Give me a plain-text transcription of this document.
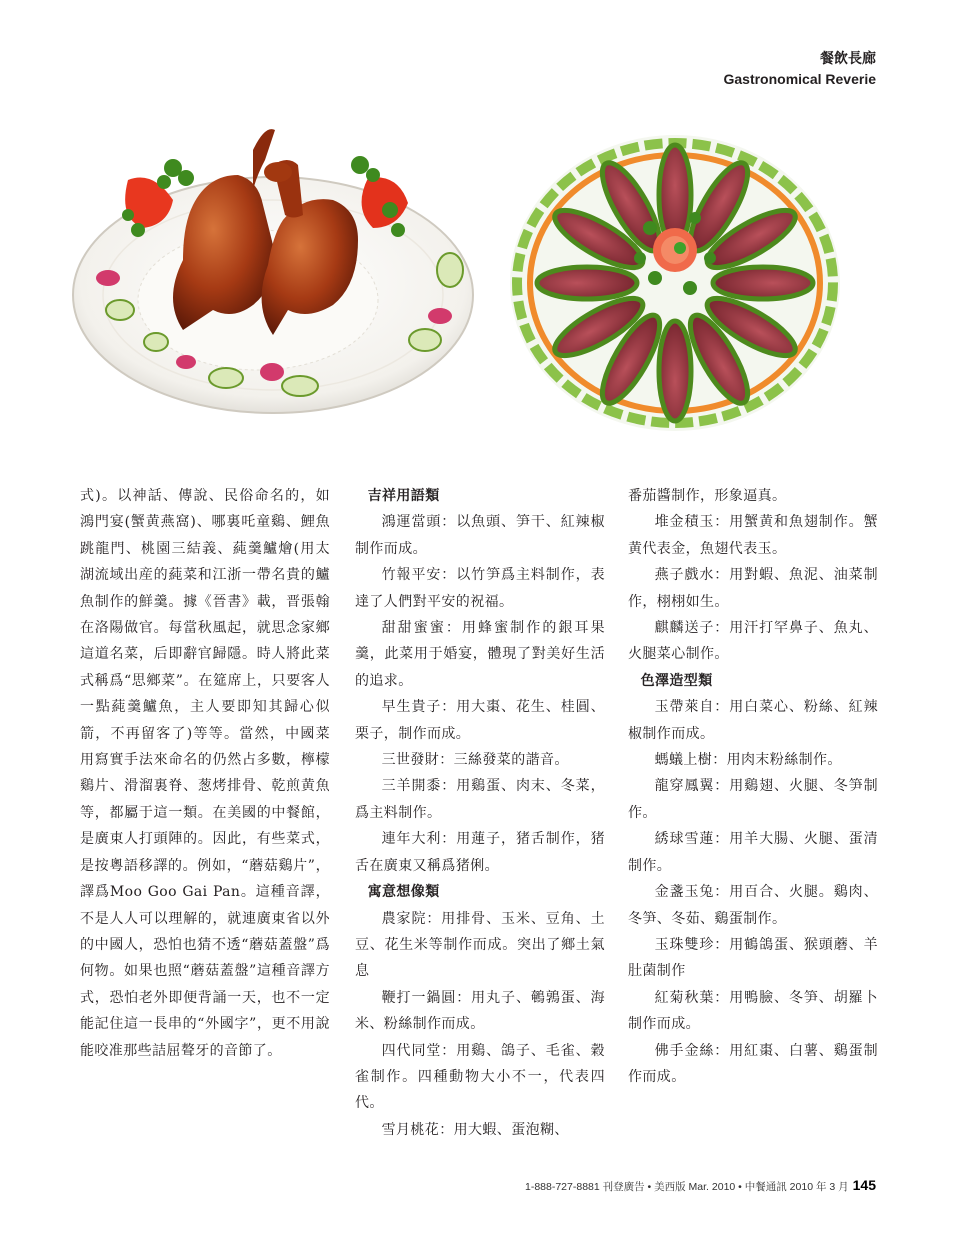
餐飲長廊
Gastronomical Reverie

式)。以神話、傳說、民俗命名的，如鴻門宴(蟹黄燕窩)、哪裏吒童鷄、鯉魚跳龍門、桃園三結義、蒓羹鱸燴(用太湖流域出産的蒓菜和江浙一帶名貴的鱸魚制作的鮮羹。據《晉書》載，晋張翰在洛陽做官。每當秋風起，就思念家鄉這道名菜，后即辭官歸隱。時人將此菜式稱爲“思鄉菜”。在筵席上，只要客人一點蒓羹鱸魚，主人要即知其歸心似箭，不再留客了)等等。當然，中國菜用寫實手法來命名的仍然占多數，檸檬鷄片、滑溜裏脊、葱烤排骨、乾煎黄魚等，都屬于這一類。在美國的中餐館，是廣東人打頭陣的。因此，有些菜式，是按粵語移譯的。例如，“蘑菇鷄片”，譯爲Moo Goo Gai Pan。這種音譯，不是人人可以理解的，就連廣東省以外的中國人，恐怕也猜不透“蘑菇蓋盤”爲何物。如果也照“蘑菇蓋盤”這種音譯方式，恐怕老外即便背誦一天，也不一定能記住這一長串的“外國字”，更不用說能咬准那些詰屈聱牙的音節了。

吉祥用語類

鴻運當頭：以魚頭、笋干、紅辣椒制作而成。

竹報平安：以竹笋爲主料制作，表達了人們對平安的祝福。

甜甜蜜蜜：用蜂蜜制作的銀耳果羹，此菜用于婚宴，體現了對美好生活的追求。

早生貴子：用大棗、花生、桂圓、栗子，制作而成。

三世發財：三絲發菜的諧音。

三羊開黍：用鷄蛋、肉末、冬菜，爲主料制作。

連年大利：用蓮子，猪舌制作，猪舌在廣東又稱爲猪俐。

寓意想像類

農家院：用排骨、玉米、豆角、土豆、花生米等制作而成。突出了鄉土氣息

鞭打一鍋圓：用丸子、鵪鶉蛋、海米、粉絲制作而成。

四代同堂：用鷄、鴿子、毛雀、穀雀制作。四種動物大小不一，代表四代。

雪月桃花：用大蝦、蛋泡糊、

番茄醬制作，形象逼真。

堆金積玉：用蟹黄和魚翅制作。蟹黄代表金，魚翅代表玉。

燕子戲水：用對蝦、魚泥、油菜制作，栩栩如生。

麒麟送子：用汗打罕鼻子、魚丸、火腿菜心制作。

色澤造型類

玉帶萊自：用白菜心、粉絲、紅辣椒制作而成。

螞蟻上樹：用肉末粉絲制作。

龍穿鳳翼：用鷄翅、火腿、冬笋制作。

綉球雪蓮：用羊大腸、火腿、蛋清制作。

金盞玉兔：用百合、火腿。鷄肉、冬笋、冬茹、鷄蛋制作。

玉珠雙珍：用鶴鴿蛋、猴頭蘑、羊肚菌制作

紅菊秋葉：用鴨臉、冬笋、胡羅卜制作而成。

佛手金絲：用紅棗、白薯、鷄蛋制作而成。

1-888-727-8881 刊登廣告 • 美西版 Mar. 2010 • 中餐通訊 2010 年 3 月 145
